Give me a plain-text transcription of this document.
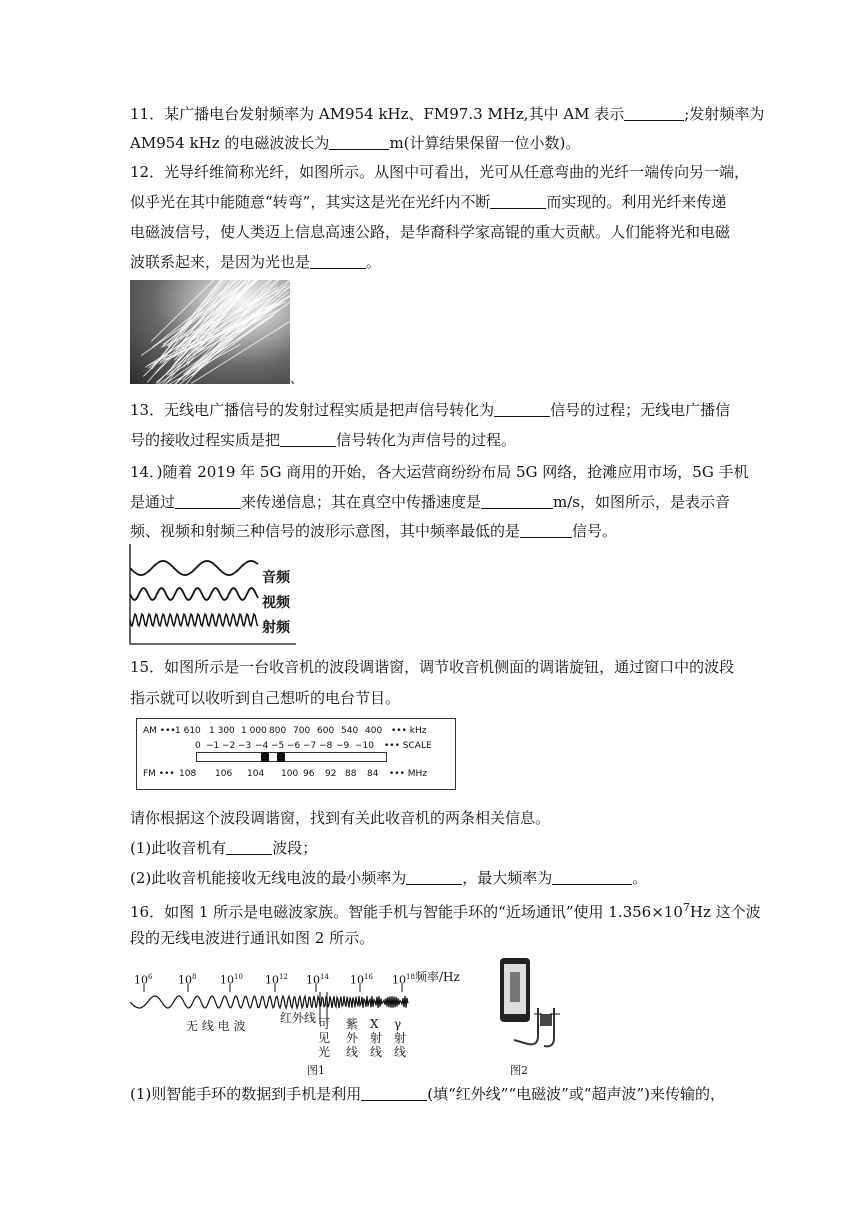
11．某广播电台发射频率为 AM954 kHz、FM97.3 MHz,其中 AM 表示	;发射频率为
AM954 kHz 的电磁波波长为	m(计算结果保留一位小数)。
12．光导纤维简称光纤，如图所示。从图中可看出，光可从任意弯曲的光纤一端传向另一端，
似乎光在其中能随意“转弯”，其实这是光在光纤内不断	而实现的。利用光纤来传递
电磁波信号，使人类迈上信息高速公路，是华裔科学家高锟的重大贡献。人们能将光和电磁
波联系起来，是因为光也是	。
、
13．无线电广播信号的发射过程实质是把声信号转化为	信号的过程；无线电广播信
号的接收过程实质是把	信号转化为声信号的过程。
14．)随着 2019 年 5G 商用的开始，各大运营商纷纷布局 5G 网络，抢滩应用市场，5G 手机
是通过	来传递信息；其在真空中传播速度是	m/s，如图所示，是表示音
频、视频和射频三种信号的波形示意图，其中频率最低的是	信号。
音频
视频
射频
15．如图所示是一台收音机的波段调谐窗，调节收音机侧面的调谐旋钮，通过窗口中的波段
指示就可以收听到自己想听的电台节目。
AM ••• 1 610 1 300 1 000 800 700 600 540 400 ••• kHz
0 −1 −2 −3 −4 −5 −6 −7 −8 −9 −10 ••• SCALE
FM ••• 108 106 104 100 96 92 88 84 ••• MHz
请你根据这个波段调谐窗，找到有关此收音机的两条相关信息。
(1)此收音机有	波段；
(2)此收音机能接收无线电波的最小频率为	，最大频率为	。
16．如图 1 所示是电磁波家族。智能手机与智能手环的“近场通讯”使用 $1.356\times 10^7Hz$ 这个波
段的无线电波进行通讯如图 2 所示。
$10^6$ $10^8$ $10^{10}$ $10^{12}$ $10^{14}$ $10^{16}$ $10^{18}$ 频率/Hz
无 线 电 波
红外线 可
见
光
紫
外
线
X
射
线
γ
射
线
图1	图2
(1)则智能手环的数据到手机是利用	(填“红外线”“电磁波”或“超声波”)来传输的，
